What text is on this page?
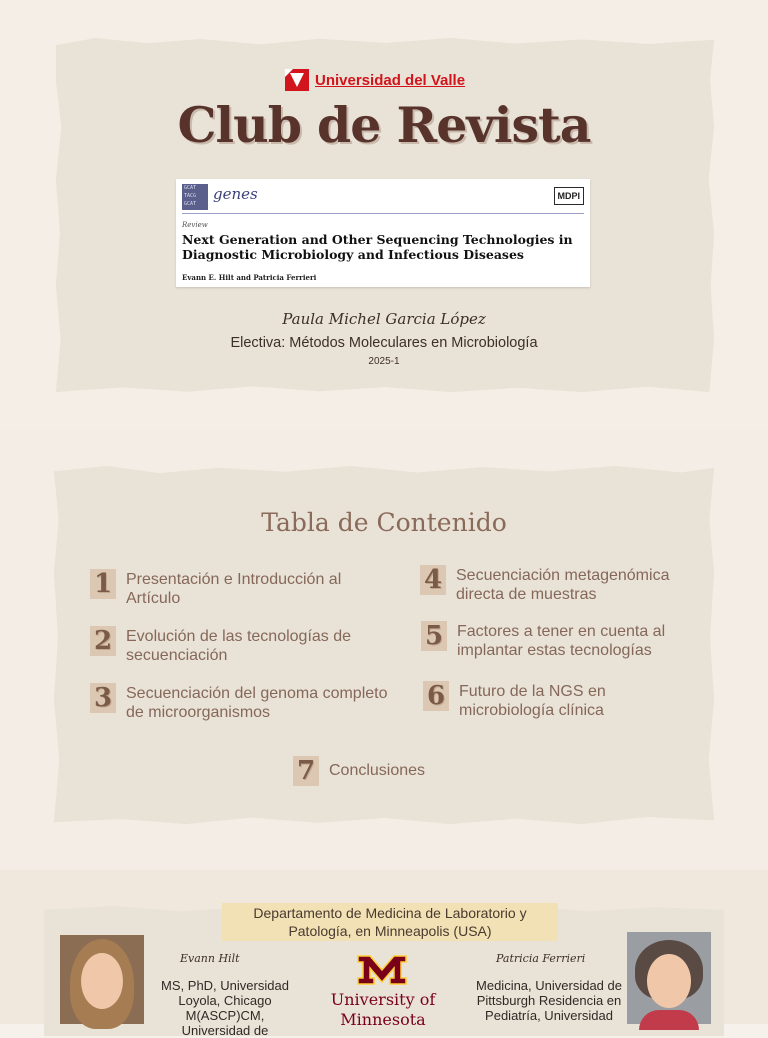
Universidad del Valle
Club de Revista
GCAT
TACG
GCAT
genes	MDPI
Review
Next Generation and Other Sequencing Technologies in Diagnostic Microbiology and Infectious Diseases
Evann E. Hilt and Patricia Ferrieri
Paula Michel Garcia López
Electiva: Métodos Moleculares en Microbiología
2025-1
Tabla de Contenido
1 Presentación e Introducción al Artículo
2 Evolución de las tecnologías de secuenciación
3 Secuenciación del genoma completo de microorganismos
4 Secuenciación metagenómica directa de muestras
5 Factores a tener en cuenta al implantar estas tecnologías
6 Futuro de la NGS en microbiología clínica
7 Conclusiones
Departamento de Medicina de Laboratorio y Patología, en Minneapolis (USA)
Evann Hilt
MS, PhD, Universidad Loyola, Chicago M(ASCP)CM, Universidad de
University of Minnesota
Patricia Ferrieri
Medicina, Universidad de Pittsburgh Residencia en Pediatría, Universidad
